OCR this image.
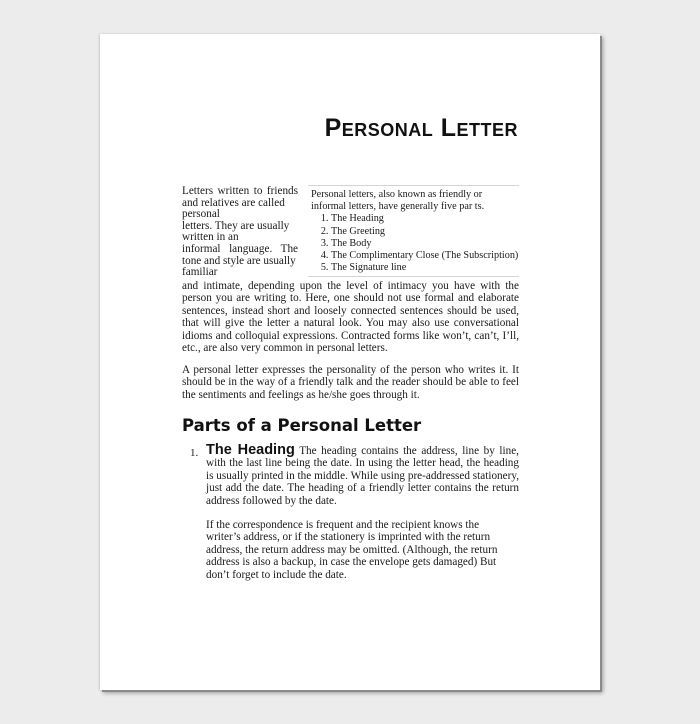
Personal Letter
Letters written to friends and relatives are called
personal
letters. They are usually
written in an
informal language. The tone and style are usually
familiar
Personal letters, also known as friendly or informal letters, have generally five par ts.
1. The Heading
2. The Greeting
3. The Body
4. The Complimentary Close (The Subscription)
5. The Signature line
and intimate, depending upon the level of intimacy you have with the person you are writing to. Here, one should not use formal and elaborate sentences, instead short and loosely connected sentences should be used, that will give the letter a natural look. You may also use conversational idioms and colloquial expressions. Contracted forms like won’t, can’t, I’ll, etc., are also very common in personal letters.
A personal letter expresses the personality of the person who writes it. It should be in the way of a friendly talk and the reader should be able to feel the sentiments and feelings as he/she goes through it.
Parts of a Personal Letter
1. The Heading The heading contains the address, line by line, with the last line being the date. In using the letter head, the heading is usually printed in the middle. While using pre-addressed stationery, just add the date. The heading of a friendly letter contains the return address followed by the date.
If the correspondence is frequent and the recipient knows the writer’s address, or if the stationery is imprinted with the return address, the return address may be omitted. (Although, the return address is also a backup, in case the envelope gets damaged) But don’t forget to include the date.
